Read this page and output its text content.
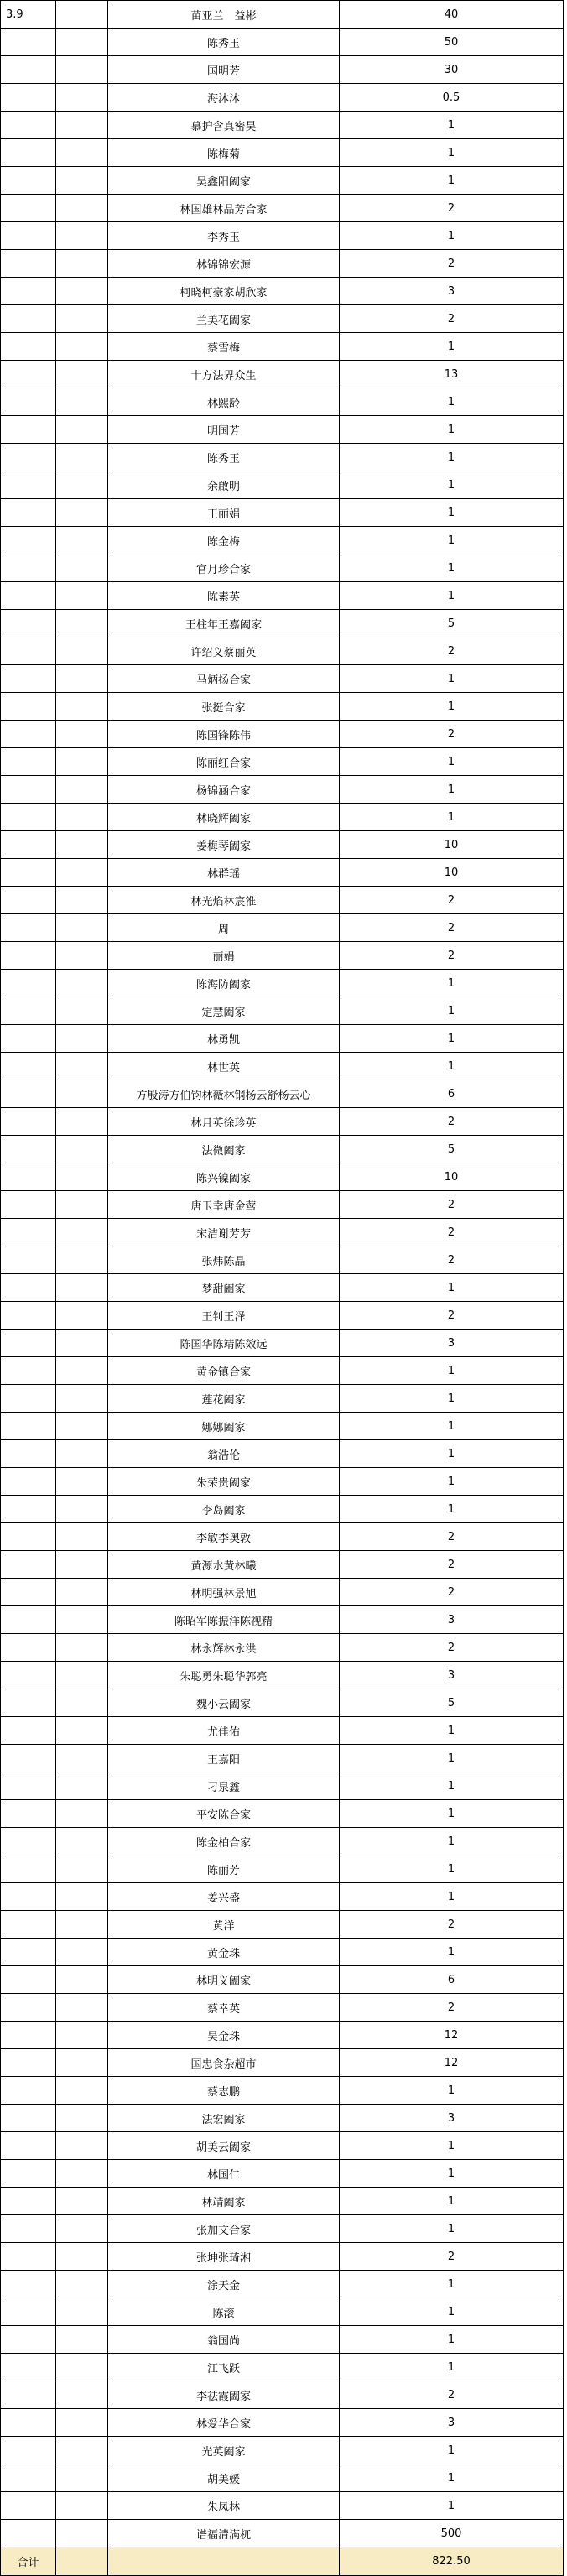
3.9		苗亚兰　益彬	40
		陈秀玉	50
		国明芳	30
		海沐沐	0.5
		慕护含真密昊	1
		陈梅菊	1
		吴鑫阳阖家	1
		林国雄林晶芳合家	2
		李秀玉	1
		林锦锦宏源	2
		柯晓柯豪家胡欣家	3
		兰美花阖家	2
		蔡雪梅	1
		十方法界众生	13
		林熙龄	1
		明国芳	1
		陈秀玉	1
		余啟明	1
		王丽娟	1
		陈金梅	1
		官月珍合家	1
		陈素英	1
		王柱年王嘉阖家	5
		许绍义蔡丽英	2
		马炳扬合家	1
		张挺合家	1
		陈国锋陈伟	2
		陈丽红合家	1
		杨锦涵合家	1
		林晓辉阖家	1
		姜梅琴阖家	10
		林群瑶	10
		林光焰林宸淮	2
		周	2
		丽娟	2
		陈海防阖家	1
		定慧阖家	1
		林勇凯	1
		林世英	1
		方殷涛方伯钧林薇林钢杨云舒杨云心	6
		林月英徐珍英	2
		法微阖家	5
		陈兴镍阖家	10
		唐玉幸唐金莺	2
		宋洁谢芳芳	2
		张炜陈晶	2
		梦甜阖家	1
		王钊王泽	2
		陈国华陈靖陈效远	3
		黄金镇合家	1
		莲花阖家	1
		娜娜阖家	1
		翁浩伦	1
		朱荣贵阖家	1
		李岛阖家	1
		李敏李奥敦	2
		黄源水黄林曦	2
		林明强林景旭	2
		陈昭军陈振洋陈视精	3
		林永辉林永洪	2
		朱聪勇朱聪华郭亮	3
		魏小云阖家	5
		尤佳佑	1
		王嘉阳	1
		刁泉鑫	1
		平安陈合家	1
		陈金柏合家	1
		陈丽芳	1
		姜兴盛	1
		黄洋	2
		黄金珠	1
		林明义阖家	6
		蔡幸英	2
		吴金珠	12
		国忠食杂超市	12
		蔡志鹏	1
		法宏阖家	3
		胡美云阖家	1
		林国仁	1
		林靖阖家	1
		张加文合家	1
		张坤张琦湘	2
		涂天金	1
		陈滚	1
		翁国尚	1
		江飞跃	1
		李祛霞阖家	2
		林爱华合家	3
		光英阖家	1
		胡美媛	1
		朱凤林	1
		谱福清满杌	500
合计			822.50
